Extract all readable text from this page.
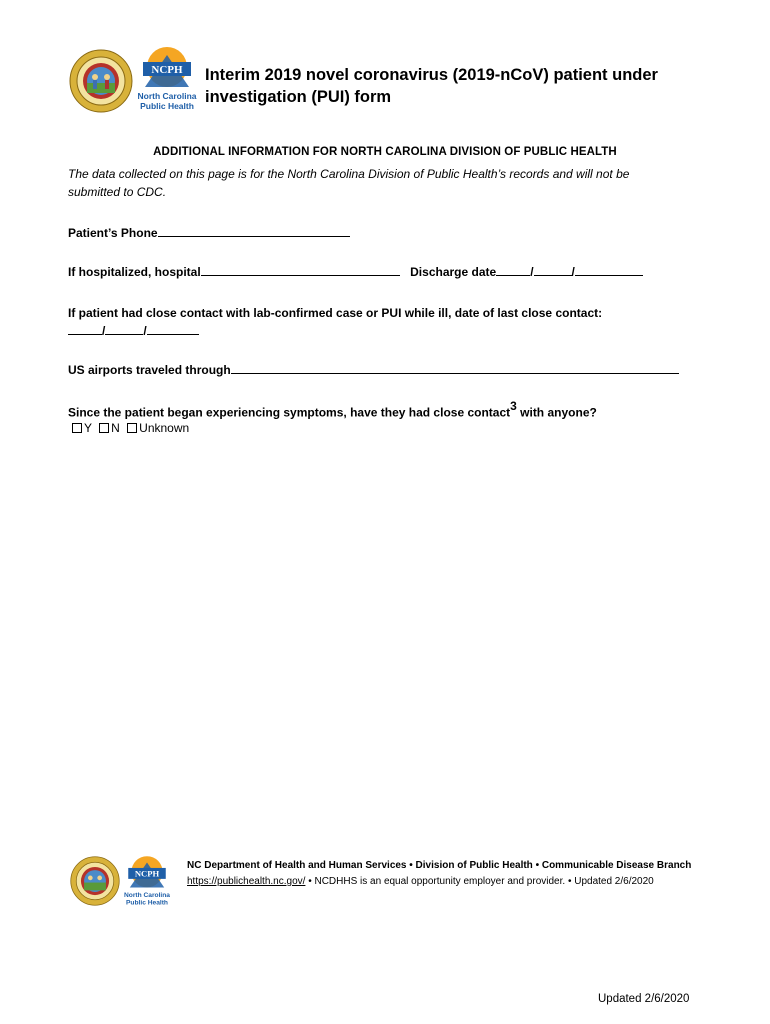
NCPH
North Carolina
Public Health
Interim 2019 novel coronavirus (2019-nCoV) patient under investigation (PUI) form
ADDITIONAL INFORMATION FOR NORTH CAROLINA DIVISION OF PUBLIC HEALTH
The data collected on this page is for the North Carolina Division of Public Health’s records and will not be submitted to CDC.
Patient’s Phone
If hospitalized, hospital	Discharge date	/	/
If patient had close contact with lab-confirmed case or PUI while ill, date of last close contact:
/	/
US airports traveled through
Since the patient began experiencing symptoms, have they had close contact$^3$ with anyone?
Y N Unknown
NCPH
North Carolina
Public Health
NC Department of Health and Human Services • Division of Public Health • Communicable Disease Branch
https://publichealth.nc.gov/ • NCDHHS is an equal opportunity employer and provider. • Updated 2/6/2020
Updated 2/6/2020
